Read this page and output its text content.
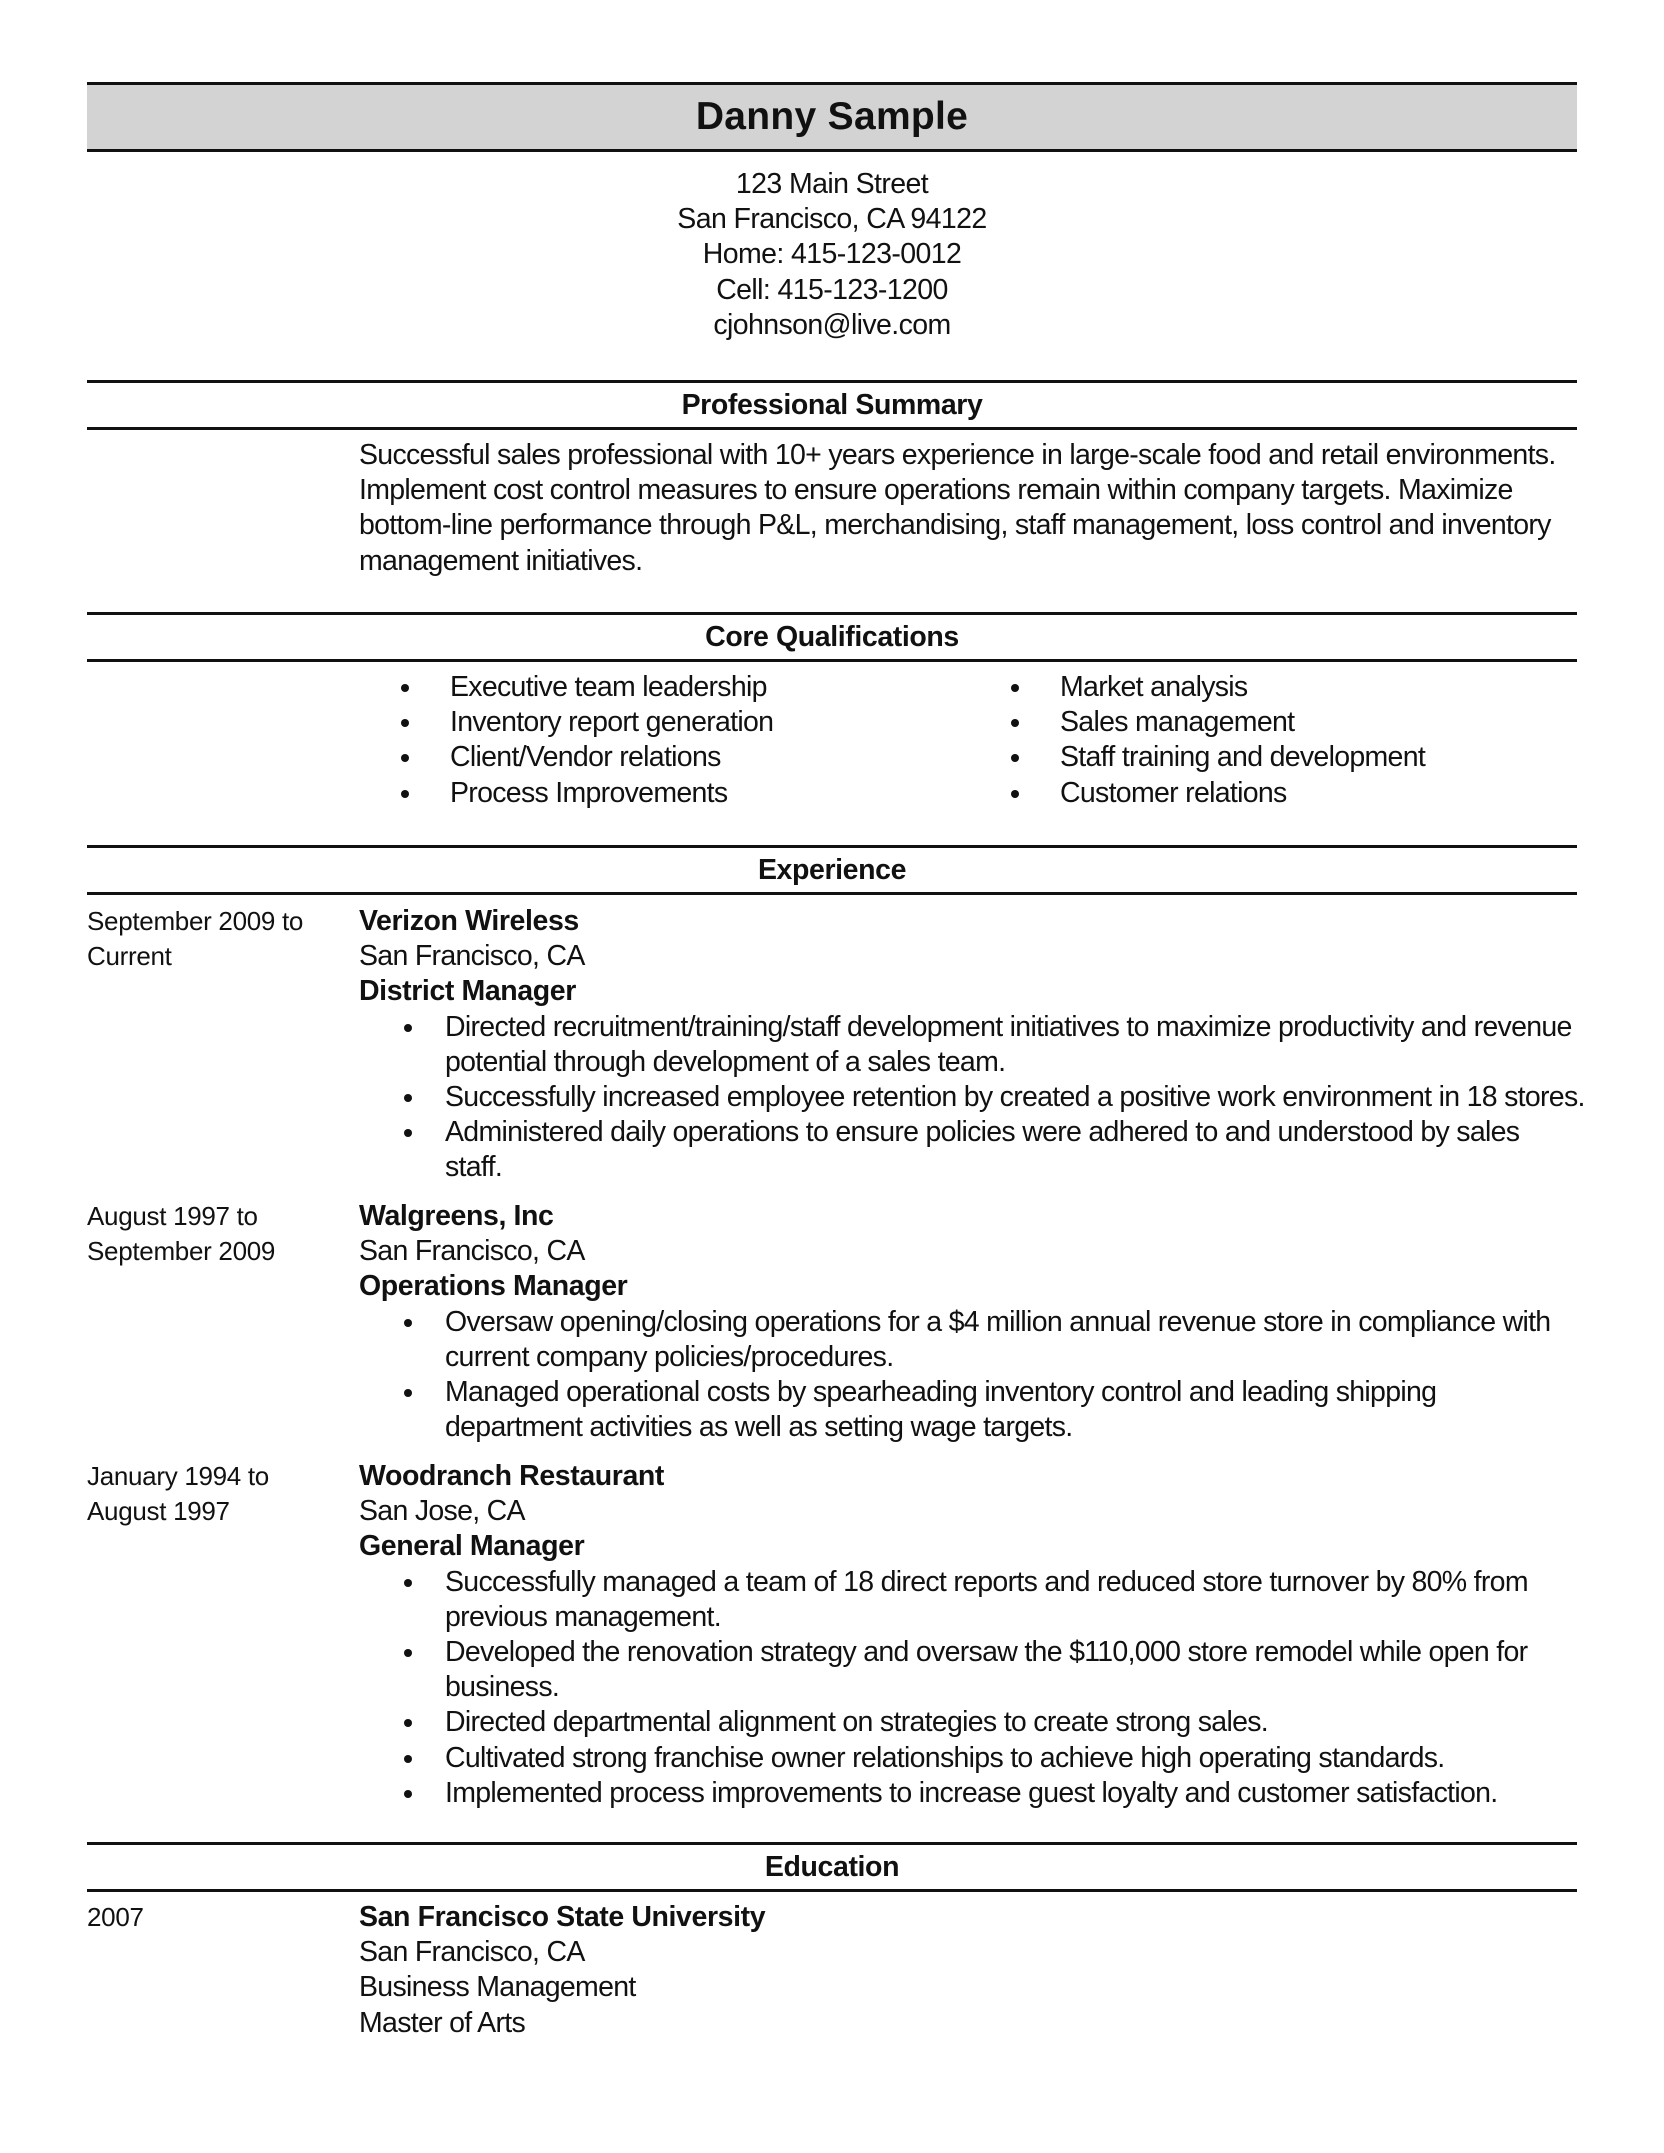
Danny Sample
123 Main Street
San Francisco, CA 94122
Home: 415-123-0012
Cell: 415-123-1200
cjohnson@live.com
Professional Summary
Successful sales professional with 10+ years experience in large-scale food and retail environments.
Implement cost control measures to ensure operations remain within company targets. Maximize
bottom-line performance through P&L, merchandising, staff management, loss control and inventory
management initiatives.
Core Qualifications
Executive team leadership
Inventory report generation
Client/Vendor relations
Process Improvements
Market analysis
Sales management
Staff training and development
Customer relations
Experience
September 2009 to
Current
Verizon Wireless
San Francisco, CA
District Manager
Directed recruitment/training/staff development initiatives to maximize productivity and revenue
potential through development of a sales team.
Successfully increased employee retention by created a positive work environment in 18 stores.
Administered daily operations to ensure policies were adhered to and understood by sales
staff.
August 1997 to
September 2009
Walgreens, Inc
San Francisco, CA
Operations Manager
Oversaw opening/closing operations for a $4 million annual revenue store in compliance with
current company policies/procedures.
Managed operational costs by spearheading inventory control and leading shipping
department activities as well as setting wage targets.
January 1994 to
August 1997
Woodranch Restaurant
San Jose, CA
General Manager
Successfully managed a team of 18 direct reports and reduced store turnover by 80% from
previous management.
Developed the renovation strategy and oversaw the $110,000 store remodel while open for
business.
Directed departmental alignment on strategies to create strong sales.
Cultivated strong franchise owner relationships to achieve high operating standards.
Implemented process improvements to increase guest loyalty and customer satisfaction.
Education
2007	San Francisco State University
San Francisco, CA
Business Management
Master of Arts
